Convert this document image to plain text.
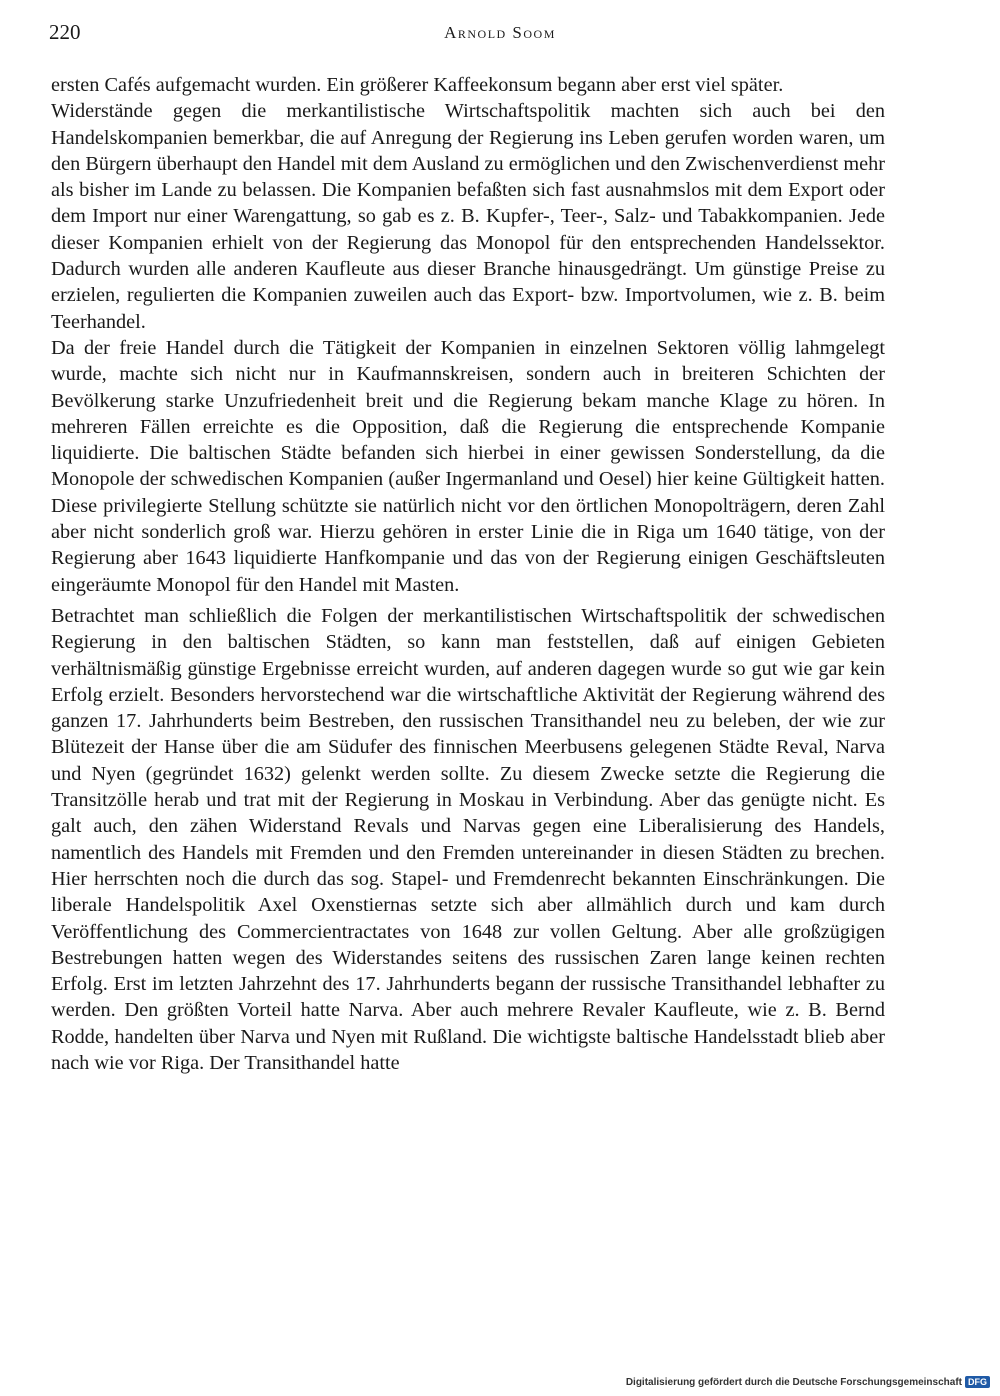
220	Arnold Soom

ersten Cafés aufgemacht wurden. Ein größerer Kaffeekonsum begann aber erst viel später.

Widerstände gegen die merkantilistische Wirtschaftspolitik machten sich auch bei den Handelskompanien bemerkbar, die auf Anregung der Regierung ins Leben gerufen worden waren, um den Bürgern überhaupt den Handel mit dem Ausland zu ermöglichen und den Zwischenverdienst mehr als bisher im Lande zu belassen. Die Kompanien befaßten sich fast ausnahmslos mit dem Export oder dem Import nur einer Warengattung, so gab es z. B. Kupfer-, Teer-, Salz- und Tabakkompanien. Jede dieser Kompanien erhielt von der Regierung das Monopol für den entsprechenden Handelssektor. Dadurch wurden alle anderen Kaufleute aus dieser Branche hinausgedrängt. Um günstige Preise zu erzielen, regulierten die Kompanien zuweilen auch das Export- bzw. Importvolumen, wie z. B. beim Teerhandel.

Da der freie Handel durch die Tätigkeit der Kompanien in einzelnen Sektoren völlig lahmgelegt wurde, machte sich nicht nur in Kaufmannskreisen, sondern auch in breiteren Schichten der Bevölkerung starke Unzufriedenheit breit und die Regierung bekam manche Klage zu hören. In mehreren Fällen erreichte es die Opposition, daß die Regierung die entsprechende Kompanie liquidierte. Die baltischen Städte befanden sich hierbei in einer gewissen Sonderstellung, da die Monopole der schwedischen Kompanien (außer Ingermanland und Oesel) hier keine Gültigkeit hatten. Diese privilegierte Stellung schützte sie natürlich nicht vor den örtlichen Monopolträgern, deren Zahl aber nicht sonderlich groß war. Hierzu gehören in erster Linie die in Riga um 1640 tätige, von der Regierung aber 1643 liquidierte Hanfkompanie und das von der Regierung einigen Geschäftsleuten eingeräumte Monopol für den Handel mit Masten.

Betrachtet man schließlich die Folgen der merkantilistischen Wirtschaftspolitik der schwedischen Regierung in den baltischen Städten, so kann man feststellen, daß auf einigen Gebieten verhältnismäßig günstige Ergebnisse erreicht wurden, auf anderen dagegen wurde so gut wie gar kein Erfolg erzielt. Besonders hervorstechend war die wirtschaftliche Aktivität der Regierung während des ganzen 17. Jahrhunderts beim Bestreben, den russischen Transithandel neu zu beleben, der wie zur Blütezeit der Hanse über die am Südufer des finnischen Meerbusens gelegenen Städte Reval, Narva und Nyen (gegründet 1632) gelenkt werden sollte. Zu diesem Zwecke setzte die Regierung die Transitzölle herab und trat mit der Regierung in Moskau in Verbindung. Aber das genügte nicht. Es galt auch, den zähen Widerstand Revals und Narvas gegen eine Liberalisierung des Handels, namentlich des Handels mit Fremden und den Fremden untereinander in diesen Städten zu brechen. Hier herrschten noch die durch das sog. Stapel- und Fremdenrecht bekannten Einschränkungen. Die liberale Handelspolitik Axel Oxenstiernas setzte sich aber allmählich durch und kam durch Veröffentlichung des Commercientractates von 1648 zur vollen Geltung. Aber alle großzügigen Bestrebungen hatten wegen des Widerstandes seitens des russischen Zaren lange keinen rechten Erfolg. Erst im letzten Jahrzehnt des 17. Jahrhunderts begann der russische Transithandel lebhafter zu werden. Den größten Vorteil hatte Narva. Aber auch mehrere Revaler Kaufleute, wie z. B. Bernd Rodde, handelten über Narva und Nyen mit Rußland. Die wichtigste baltische Handelsstadt blieb aber nach wie vor Riga. Der Transithandel hatte

Digitalisierung gefördert durch die Deutsche Forschungsgemeinschaft DFG
